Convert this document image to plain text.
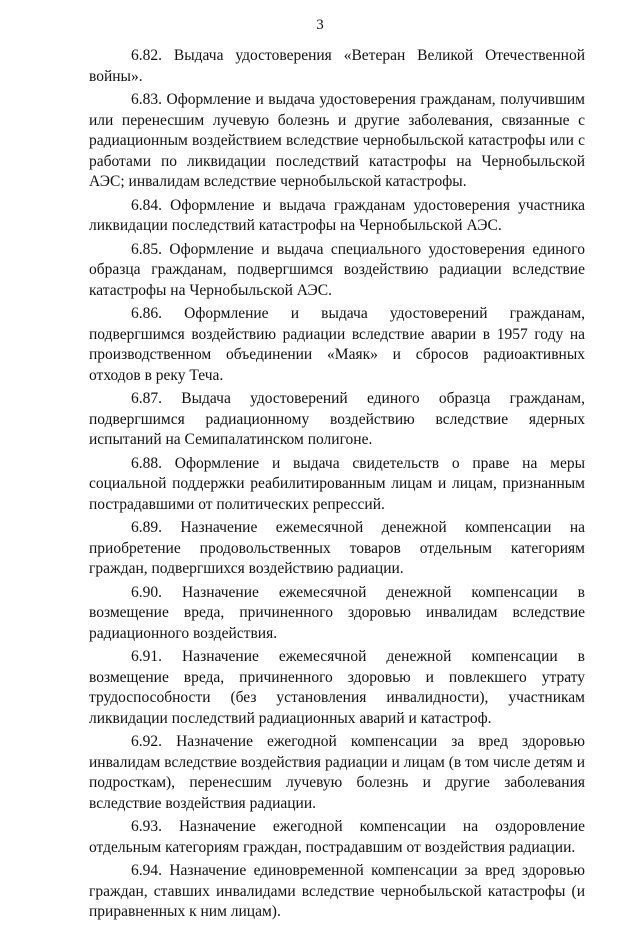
3

6.82. Выдача удостоверения «Ветеран Великой Отечественной войны».

6.83. Оформление и выдача удостоверения гражданам, получившим или перенесшим лучевую болезнь и другие заболевания, связанные с радиационным воздействием вследствие чернобыльской катастрофы или с работами по ликвидации последствий катастрофы на Чернобыльской АЭС; инвалидам вследствие чернобыльской катастрофы.

6.84. Оформление и выдача гражданам удостоверения участника ликвидации последствий катастрофы на Чернобыльской АЭС.

6.85. Оформление и выдача специального удостоверения единого образца гражданам, подвергшимся воздействию радиации вследствие катастрофы на Чернобыльской АЭС.

6.86. Оформление и выдача удостоверений гражданам, подвергшимся воздействию радиации вследствие аварии в 1957 году на производственном объединении «Маяк» и сбросов радиоактивных отходов в реку Теча.

6.87. Выдача удостоверений единого образца гражданам, подвергшимся радиационному воздействию вследствие ядерных испытаний на Семипалатинском полигоне.

6.88. Оформление и выдача свидетельств о праве на меры социальной поддержки реабилитированным лицам и лицам, признанным пострадавшими от политических репрессий.

6.89. Назначение ежемесячной денежной компенсации на приобретение продовольственных товаров отдельным категориям граждан, подвергшихся воздействию радиации.

6.90. Назначение ежемесячной денежной компенсации в возмещение вреда, причиненного здоровью инвалидам вследствие радиационного воздействия.

6.91. Назначение ежемесячной денежной компенсации в возмещение вреда, причиненного здоровью и повлекшего утрату трудоспособности (без установления инвалидности), участникам ликвидации последствий радиационных аварий и катастроф.

6.92. Назначение ежегодной компенсации за вред здоровью инвалидам вследствие воздействия радиации и лицам (в том числе детям и подросткам), перенесшим лучевую болезнь и другие заболевания вследствие воздействия радиации.

6.93. Назначение ежегодной компенсации на оздоровление отдельным категориям граждан, пострадавшим от воздействия радиации.

6.94. Назначение единовременной компенсации за вред здоровью граждан, ставших инвалидами вследствие чернобыльской катастрофы (и приравненных к ним лицам).
